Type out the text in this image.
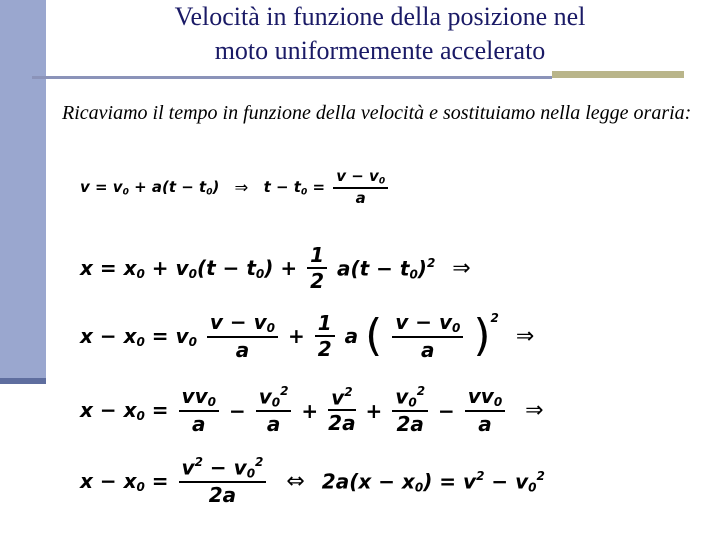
Velocità in funzione della posizione nel
moto uniformemente accelerato
Ricaviamo il tempo in funzione della velocità e sostituiamo nella legge oraria:
$v = v_0 + a(t - t_0)$ ⇒ $t - t_0 = \frac{v - v_0}{a}$
$x = x_0 + v_0(t - t_0) + \frac{1}{2} a(t - t_0)^2$ ⇒
$x - x_0 = v_0 \frac{v - v_0}{a} + \frac{1}{2}$ a ( $\frac{v - v_0}{a} )2$ ⇒
$x - x_0 = \frac{vv_0}{a} - \frac{v_0^2}{a} + \frac{v^2}{2a} + \frac{v_0^2}{2a} - \frac{vv_0}{a}$ ⇒
$x - x_0 = \frac{v^2 - v_0^2}{2a}$ ⇔ $2a(x - x_0) = v^2 - v_0^2$
